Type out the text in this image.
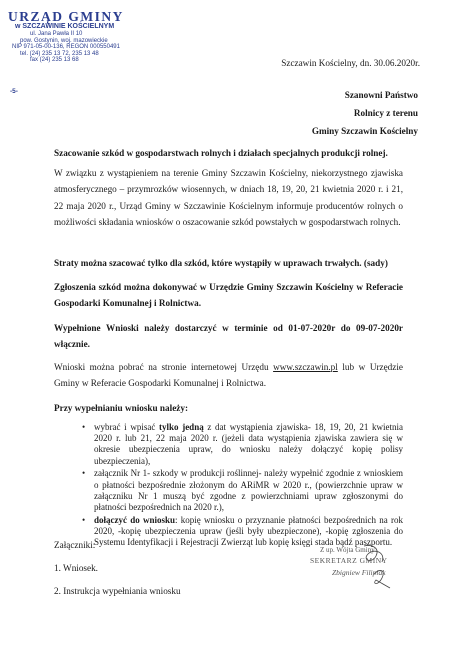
URZĄD GMINY
w SZCZAWINIE KOŚCIELNYM
ul. Jana Pawła II 10
pow. Gostynin, woj. mazowieckie
NIP 971-05-00-136, REGON 000550491
tel. (24) 235 13 72, 235 13 48
fax (24) 235 13 68
-5-
Szczawin Kościelny, dn. 30.06.2020r.
Szanowni Państwo
Rolnicy z terenu
Gminy Szczawin Kościelny
Szacowanie szkód w gospodarstwach rolnych i działach specjalnych produkcji rolnej.
W związku z wystąpieniem na terenie Gminy Szczawin Kościelny, niekorzystnego zjawiska atmosferycznego – przymrozków wiosennych, w dniach 18, 19, 20, 21 kwietnia 2020 r. i 21, 22 maja 2020 r., Urząd Gminy w Szczawinie Kościelnym informuje producentów rolnych o możliwości składania wniosków o oszacowanie szkód powstałych w gospodarstwach rolnych.
Straty można szacować tylko dla szkód, które wystąpiły w uprawach trwałych. (sady)
Zgłoszenia szkód można dokonywać w Urzędzie Gminy Szczawin Kościelny w Referacie Gospodarki Komunalnej i Rolnictwa.
Wypełnione Wnioski należy dostarczyć w terminie od 01-07-2020r do 09-07-2020r włącznie.
Wnioski można pobrać na stronie internetowej Urzędu www.szczawin.pl lub w Urzędzie Gminy w Referacie Gospodarki Komunalnej i Rolnictwa.
Przy wypełnianiu wniosku należy:
• wybrać i wpisać tylko jedną z dat wystąpienia zjawiska- 18, 19, 20, 21 kwietnia 2020 r. lub 21, 22 maja 2020 r. (jeżeli data wystąpienia zjawiska zawiera się w okresie ubezpieczenia upraw, do wniosku należy dołączyć kopię polisy ubezpieczenia),
• załącznik Nr 1- szkody w produkcji roślinnej- należy wypełnić zgodnie z wnioskiem o płatności bezpośrednie złożonym do ARiMR w 2020 r., (powierzchnie upraw w załączniku Nr 1 muszą być zgodne z powierzchniami upraw zgłoszonymi do płatności bezpośrednich na 2020 r.),
• dołączyć do wniosku: kopię wniosku o przyznanie płatności bezpośrednich na rok 2020, -kopię ubezpieczenia upraw (jeśli były ubezpieczone), -kopię zgłoszenia do Systemu Identyfikacji i Rejestracji Zwierząt lub kopię księgi stada bądź paszportu.
Załączniki:
1. Wniosek.
2. Instrukcja wypełniania wniosku
Z up. Wójta Gminy
SEKRETARZ GMINY
Zbigniew Filipiak
